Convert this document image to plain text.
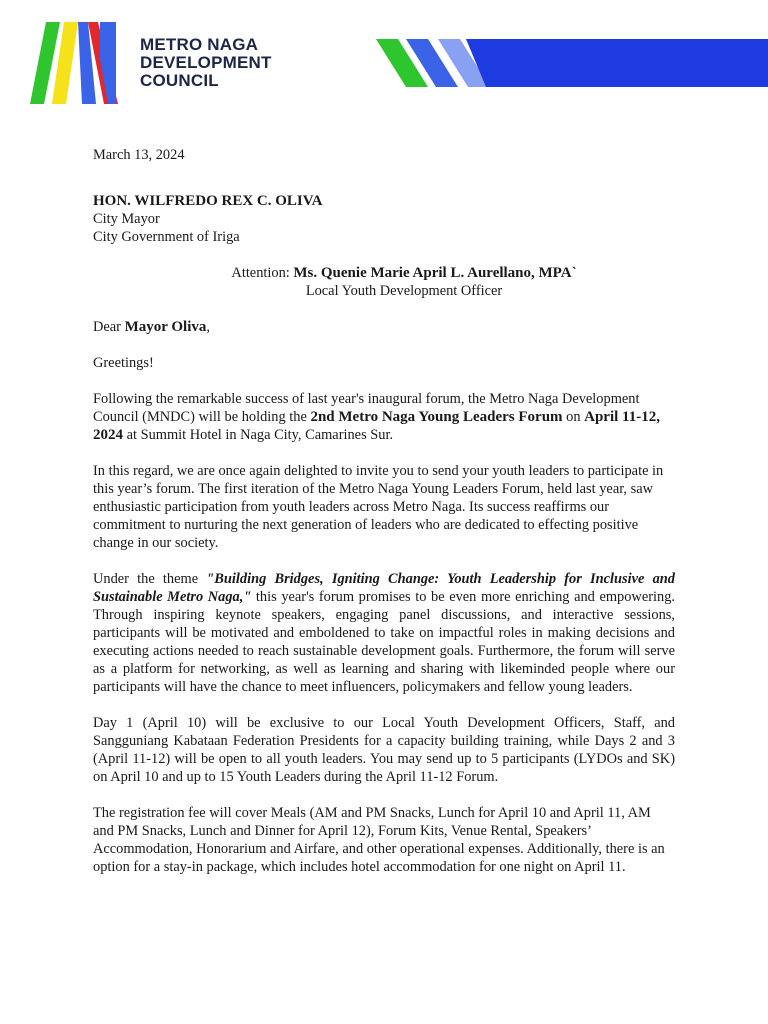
METRO NAGA
DEVELOPMENT
COUNCIL

March 13, 2024

HON. WILFREDO REX C. OLIVA

City Mayor

City Government of Iriga

Attention: Ms. Quenie Marie April L. Aurellano, MPA`

Local Youth Development Officer

Dear Mayor Oliva,

Greetings!

Following the remarkable success of last year's inaugural forum, the Metro Naga Development Council (MNDC) will be holding the 2nd Metro Naga Young Leaders Forum on April 11-12, 2024 at Summit Hotel in Naga City, Camarines Sur.

In this regard, we are once again delighted to invite you to send your youth leaders to participate in this year’s forum. The first iteration of the Metro Naga Young Leaders Forum, held last year, saw enthusiastic participation from youth leaders across Metro Naga. Its success reaffirms our commitment to nurturing the next generation of leaders who are dedicated to effecting positive change in our society.

Under the theme "Building Bridges, Igniting Change: Youth Leadership for Inclusive and Sustainable Metro Naga," this year's forum promises to be even more enriching and empowering. Through inspiring keynote speakers, engaging panel discussions, and interactive sessions, participants will be motivated and emboldened to take on impactful roles in making decisions and executing actions needed to reach sustainable development goals. Furthermore, the forum will serve as a platform for networking, as well as learning and sharing with likeminded people where our participants will have the chance to meet influencers, policymakers and fellow young leaders.

Day 1 (April 10) will be exclusive to our Local Youth Development Officers, Staff, and Sangguniang Kabataan Federation Presidents for a capacity building training, while Days 2 and 3 (April 11-12) will be open to all youth leaders. You may send up to 5 participants (LYDOs and SK) on April 10 and up to 15 Youth Leaders during the April 11-12 Forum.

The registration fee will cover Meals (AM and PM Snacks, Lunch for April 10 and April 11, AM and PM Snacks, Lunch and Dinner for April 12), Forum Kits, Venue Rental, Speakers’ Accommodation, Honorarium and Airfare, and other operational expenses. Additionally, there is an option for a stay-in package, which includes hotel accommodation for one night on April 11.
